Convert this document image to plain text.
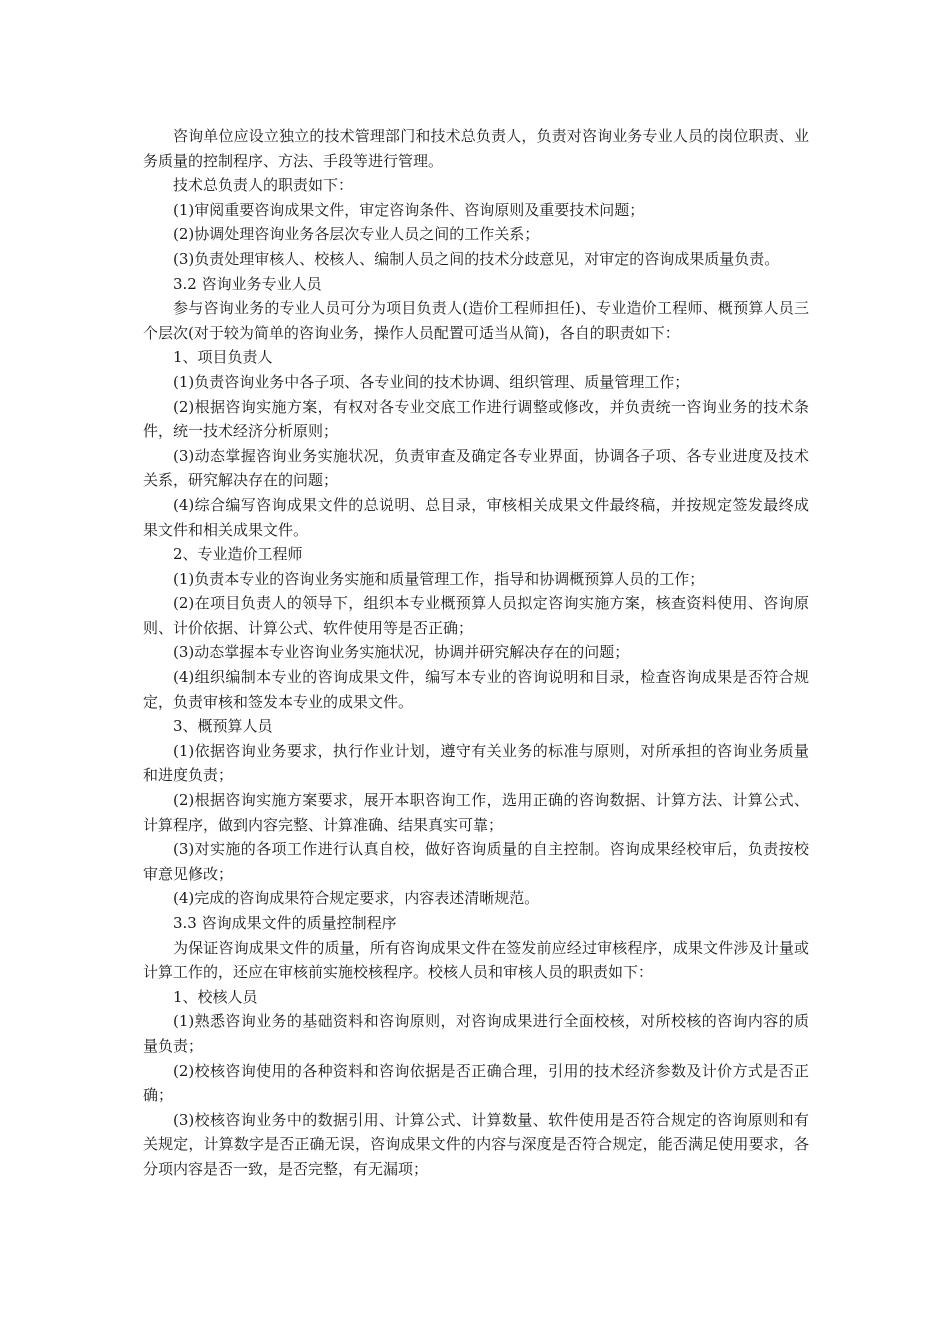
咨询单位应设立独立的技术管理部门和技术总负责人，负责对咨询业务专业人员的岗位职责、业务质量的控制程序、方法、手段等进行管理。

技术总负责人的职责如下：

(1)审阅重要咨询成果文件，审定咨询条件、咨询原则及重要技术问题；

(2)协调处理咨询业务各层次专业人员之间的工作关系；

(3)负责处理审核人、校核人、编制人员之间的技术分歧意见，对审定的咨询成果质量负责。

3.2 咨询业务专业人员

参与咨询业务的专业人员可分为项目负责人(造价工程师担任)、专业造价工程师、概预算人员三个层次(对于较为简单的咨询业务，操作人员配置可适当从简)，各自的职责如下：

1、项目负责人

(1)负责咨询业务中各子项、各专业间的技术协调、组织管理、质量管理工作；

(2)根据咨询实施方案，有权对各专业交底工作进行调整或修改，并负责统一咨询业务的技术条件，统一技术经济分析原则；

(3)动态掌握咨询业务实施状况，负责审查及确定各专业界面，协调各子项、各专业进度及技术关系，研究解决存在的问题；

(4)综合编写咨询成果文件的总说明、总目录，审核相关成果文件最终稿，并按规定签发最终成果文件和相关成果文件。

2、专业造价工程师

(1)负责本专业的咨询业务实施和质量管理工作，指导和协调概预算人员的工作；

(2)在项目负责人的领导下，组织本专业概预算人员拟定咨询实施方案，核查资料使用、咨询原则、计价依据、计算公式、软件使用等是否正确；

(3)动态掌握本专业咨询业务实施状况，协调并研究解决存在的问题；

(4)组织编制本专业的咨询成果文件，编写本专业的咨询说明和目录，检查咨询成果是否符合规定，负责审核和签发本专业的成果文件。

3、概预算人员

(1)依据咨询业务要求，执行作业计划，遵守有关业务的标准与原则，对所承担的咨询业务质量和进度负责；

(2)根据咨询实施方案要求，展开本职咨询工作，选用正确的咨询数据、计算方法、计算公式、计算程序，做到内容完整、计算准确、结果真实可靠；

(3)对实施的各项工作进行认真自校，做好咨询质量的自主控制。咨询成果经校审后，负责按校审意见修改；

(4)完成的咨询成果符合规定要求，内容表述清晰规范。

3.3 咨询成果文件的质量控制程序

为保证咨询成果文件的质量，所有咨询成果文件在签发前应经过审核程序，成果文件涉及计量或计算工作的，还应在审核前实施校核程序。校核人员和审核人员的职责如下：

1、校核人员

(1)熟悉咨询业务的基础资料和咨询原则，对咨询成果进行全面校核，对所校核的咨询内容的质量负责；

(2)校核咨询使用的各种资料和咨询依据是否正确合理，引用的技术经济参数及计价方式是否正确；

(3)校核咨询业务中的数据引用、计算公式、计算数量、软件使用是否符合规定的咨询原则和有关规定，计算数字是否正确无误，咨询成果文件的内容与深度是否符合规定，能否满足使用要求，各分项内容是否一致，是否完整，有无漏项；
